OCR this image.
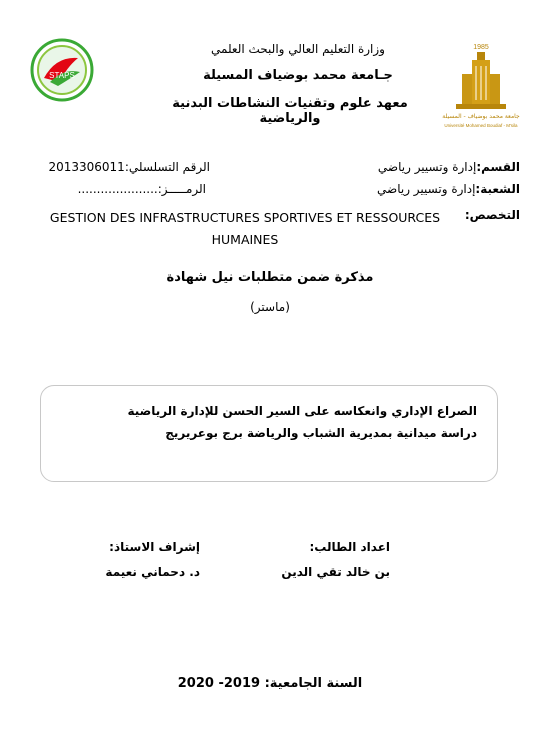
STAPS
1985
جامعة محمد بوضياف - المسيلة
Université Mohamed Boudiaf - M'sila
وزارة التعليم العالي والبحث العلمي
جـامعة محمد بوضياف المسيلة
معهد علوم وتقنيات النشاطات البدنية والرياضية
القسم:إدارة وتسيير رياضي
الرقم التسلسلي:2013306011
الشعبة:إدارة وتسيير رياضي
الرمـــــز:.....................
التخصص:
GESTION DES INFRASTRUCTURES SPORTIVES ET RESSOURCES HUMAINES
مذكرة ضمن متطلبات نيل شهادة
(ماستر)
الصراع الإداري وانعكاسه على السير الحسن للإدارة الرياضية
دراسة ميدانية بمديرية الشباب والرياضة برج بوعريريج
اعداد الطالب:
إشراف الاستاذ:
بن خالد تقي الدين
د. دحماني نعيمة
السنة الجامعية: 2019- 2020
